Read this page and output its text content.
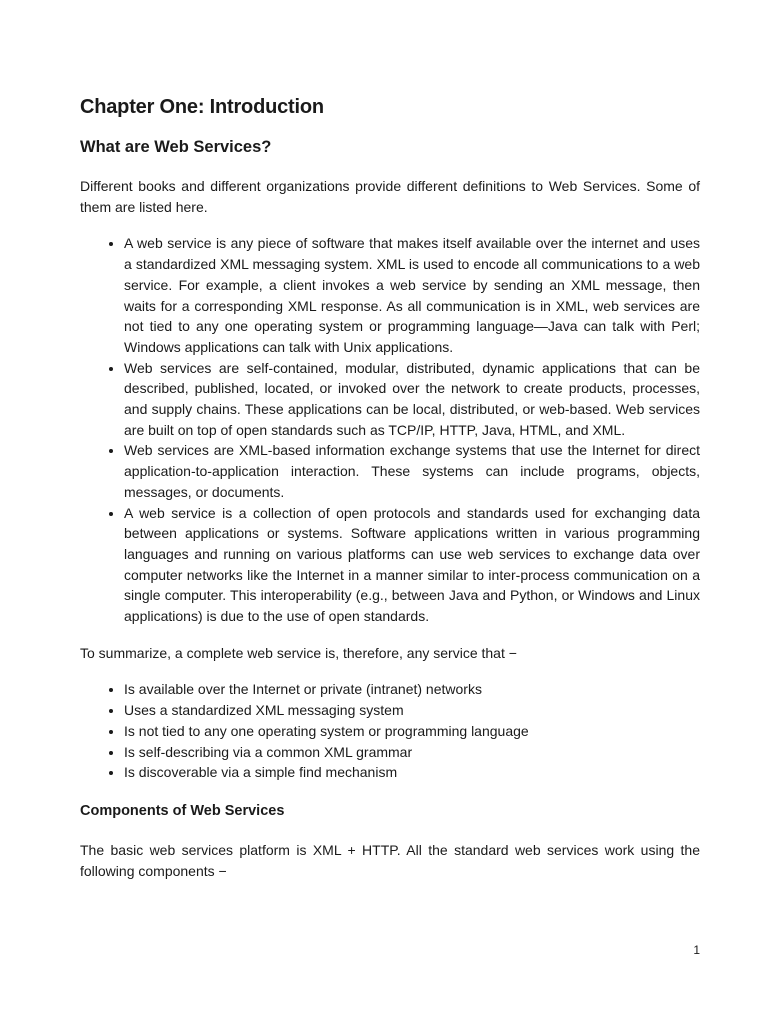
Chapter One: Introduction
What are Web Services?

Different books and different organizations provide different definitions to Web Services. Some of them are listed here.

• A web service is any piece of software that makes itself available over the internet and uses a standardized XML messaging system. XML is used to encode all communications to a web service. For example, a client invokes a web service by sending an XML message, then waits for a corresponding XML response. As all communication is in XML, web services are not tied to any one operating system or programming language—Java can talk with Perl; Windows applications can talk with Unix applications.
• Web services are self-contained, modular, distributed, dynamic applications that can be described, published, located, or invoked over the network to create products, processes, and supply chains. These applications can be local, distributed, or web-based. Web services are built on top of open standards such as TCP/IP, HTTP, Java, HTML, and XML.
• Web services are XML-based information exchange systems that use the Internet for direct application-to-application interaction. These systems can include programs, objects, messages, or documents.
• A web service is a collection of open protocols and standards used for exchanging data between applications or systems. Software applications written in various programming languages and running on various platforms can use web services to exchange data over computer networks like the Internet in a manner similar to inter-process communication on a single computer. This interoperability (e.g., between Java and Python, or Windows and Linux applications) is due to the use of open standards.

To summarize, a complete web service is, therefore, any service that −

• Is available over the Internet or private (intranet) networks
• Uses a standardized XML messaging system
• Is not tied to any one operating system or programming language
• Is self-describing via a common XML grammar
• Is discoverable via a simple find mechanism
Components of Web Services

The basic web services platform is XML + HTTP. All the standard web services work using the following components −

1
